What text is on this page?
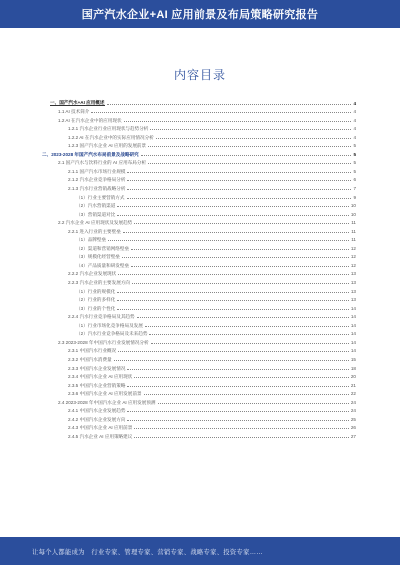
国产汽水企业+AI 应用前景及布局策略研究报告
内容目录
一、国产汽水+AI 应用概述	4
1.1 AI 技术简介	4
1.2 AI 在汽水企业中的应用现状	4
1.2.1 汽水企业行业应用现状与趋势分析	4
1.2.2 AI 在汽水企业中的实际应用情况分析	4
1.2.3 国产汽水企业 AI 应用的发展前景	5
二、2023-2028 年国产汽水布局前景及战略研究	5
2.1 国产汽水与饮料行业的 AI 应用布局分析	5
2.1.1 国产汽水市场行业规模	5
2.1.2 汽水企业竞争格局分析	6
2.1.3 汽水行业营销战略分析	7
（1）行业主要营销方式	9
（2）汽水营销渠道	10
（3）营销渠道对比	10
2.2 汽水企业 AI 应用现状及发展趋势	11
2.2.1 进入行业的主要壁垒	11
（1）品牌壁垒	11
（2）渠道和营销网络壁垒	12
（3）规模化经营壁垒	12
（4）产品质量和研发壁垒	12
2.2.2 汽水企业发展现状	13
2.2.3 汽水企业的主要发展方向	13
（1）行业的规模化	13
（2）行业的多样化	13
（3）行业的个性化	14
2.2.4 汽水行业竞争格局及其趋势	14
（1）行业市场化竞争格局及发展	14
（2）汽水行业竞争格局及未来趋势	14
2.3 2023-2028 年中国汽水行业发展情况分析	14
2.3.1 中国汽水行业概况	14
2.3.2 中国汽水消费量	15
2.3.3 中国汽水企业发展情况	18
2.3.4 中国汽水企业 AI 应用现状	20
2.3.5 中国汽水企业营销策略	21
2.3.6 中国汽水企业 AI 应用发展前景	22
2.4 2023-2028 年中国汽水企业 AI 应用发展预测	24
2.4.1 中国汽水企业发展趋势	24
2.4.2 中国汽水企业发展方向	25
2.4.3 中国汽水企业 AI 应用前景	26
2.4.5 汽水企业 AI 应用策略建议	27
让每个人都能成为　行业专家、管理专家、营销专家、战略专家、投资专家……
